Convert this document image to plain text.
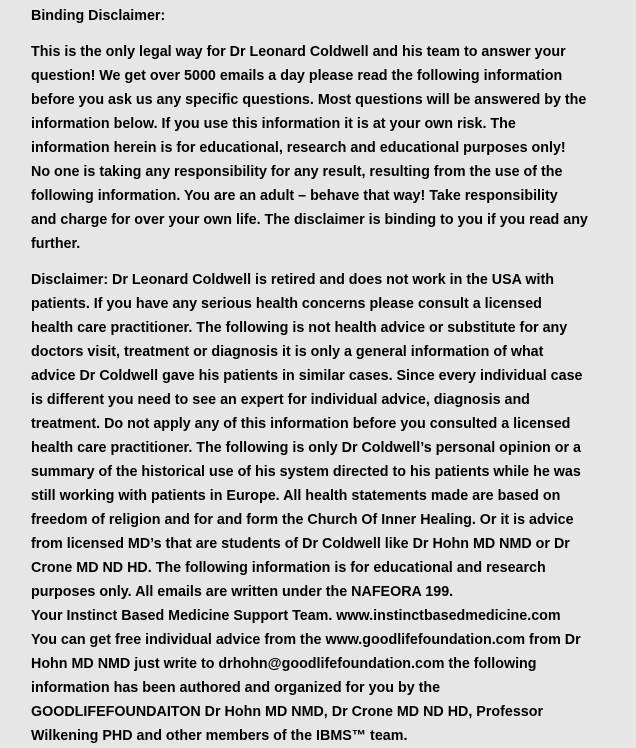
Binding Disclaimer:
This is the only legal way for Dr Leonard Coldwell and his team to answer your
question! We get over 5000 emails a day please read the following information
before you ask us any specific questions. Most questions will be answered by the
information below. If you use this information it is at your own risk. The
information herein is for educational, research and educational purposes only!
No one is taking any responsibility for any result, resulting from the use of the
following information. You are an adult – behave that way! Take responsibility
and charge for over your own life. The disclaimer is binding to you if you read any
further.
Disclaimer: Dr Leonard Coldwell is retired and does not work in the USA with
patients. If you have any serious health concerns please consult a licensed
health care practitioner. The following is not health advice or substitute for any
doctors visit, treatment or diagnosis it is only a general information of what
advice Dr Coldwell gave his patients in similar cases. Since every individual case
is different you need to see an expert for individual advice, diagnosis and
treatment. Do not apply any of this information before you consulted a licensed
health care practitioner. The following is only Dr Coldwell’s personal opinion or a
summary of the historical use of his system directed to his patients while he was
still working with patients in Europe. All health statements made are based on
freedom of religion and for and form the Church Of Inner Healing. Or it is advice
from licensed MD’s that are students of Dr Coldwell like Dr Hohn MD NMD or Dr
Crone MD ND HD. The following information is for educational and research
purposes only. All emails are written under the NAFEORA 199.
Your Instinct Based Medicine Support Team. www.instinctbasedmedicine.com
You can get free individual advice from the www.goodlifefoundation.com from Dr
Hohn MD NMD just write to drhohn@goodlifefoundation.com the following
information has been authored and organized for you by the
GOODLIFEFOUNDAITON Dr Hohn MD NMD, Dr Crone MD ND HD, Professor
Wilkening PHD and other members of the IBMS™ team.
